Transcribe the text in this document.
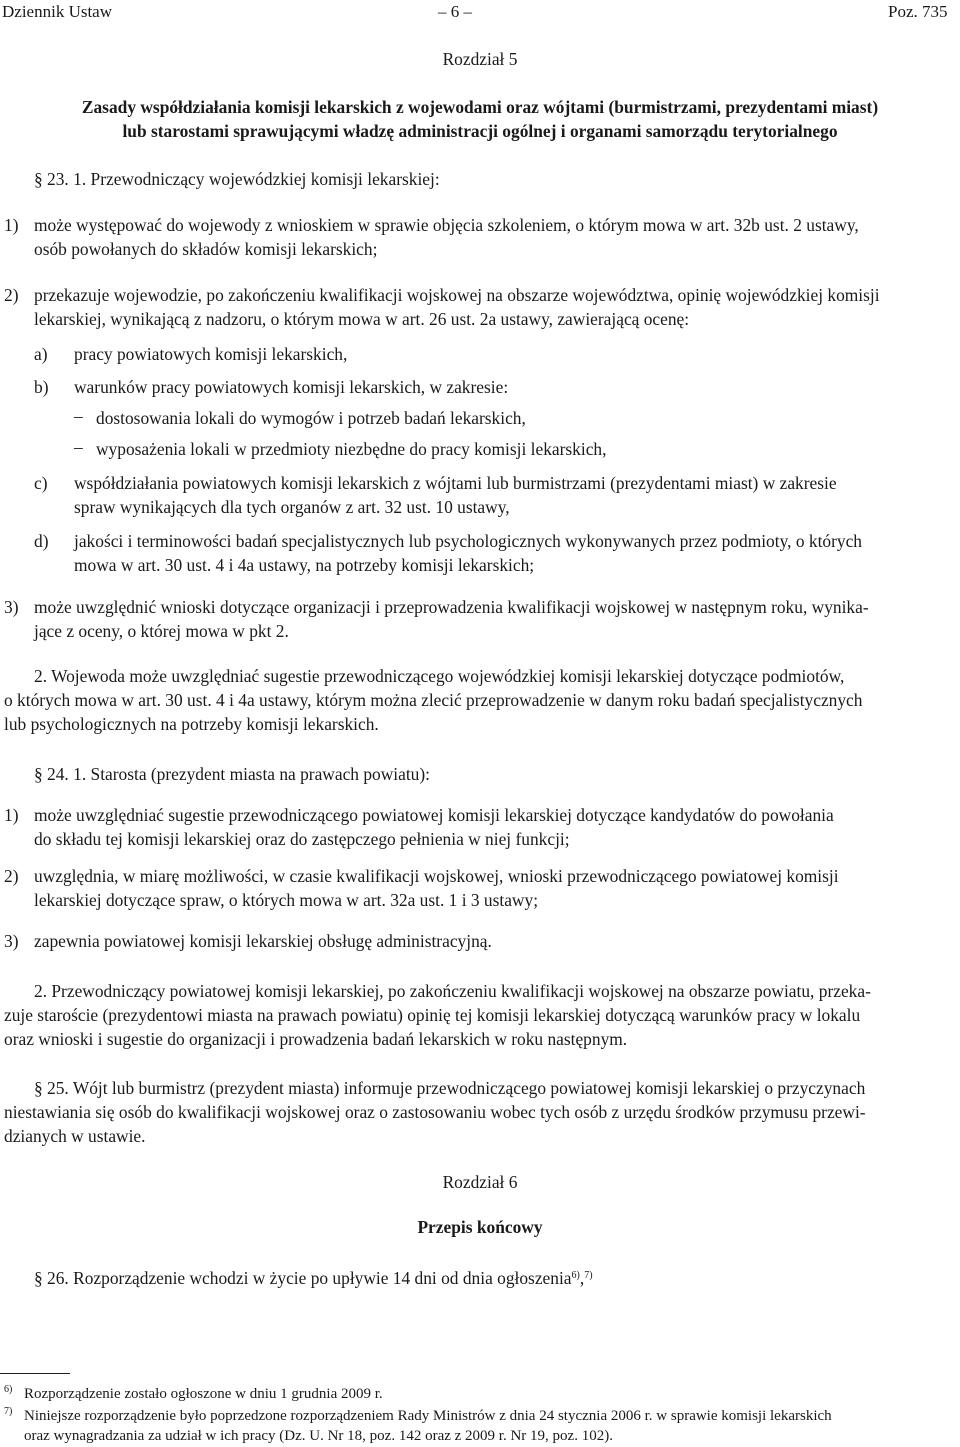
Dziennik Ustaw	– 6 –	Poz. 735
Rozdział 5
Zasady współdziałania komisji lekarskich z wojewodami oraz wójtami (burmistrzami, prezydentami miast)
lub starostami sprawującymi władzę administracji ogólnej i organami samorządu terytorialnego
§ 23. 1. Przewodniczący wojewódzkiej komisji lekarskiej:
1) może występować do wojewody z wnioskiem w sprawie objęcia szkoleniem, o którym mowa w art. 32b ust. 2 ustawy,
osób powołanych do składów komisji lekarskich;
2) przekazuje wojewodzie, po zakończeniu kwalifikacji wojskowej na obszarze województwa, opinię wojewódzkiej komisji
lekarskiej, wynikającą z nadzoru, o którym mowa w art. 26 ust. 2a ustawy, zawierającą ocenę:
a) pracy powiatowych komisji lekarskich,
b) warunków pracy powiatowych komisji lekarskich, w zakresie:
– dostosowania lokali do wymogów i potrzeb badań lekarskich,
– wyposażenia lokali w przedmioty niezbędne do pracy komisji lekarskich,
c) współdziałania powiatowych komisji lekarskich z wójtami lub burmistrzami (prezydentami miast) w zakresie
spraw wynikających dla tych organów z art. 32 ust. 10 ustawy,
d) jakości i terminowości badań specjalistycznych lub psychologicznych wykonywanych przez podmioty, o których
mowa w art. 30 ust. 4 i 4a ustawy, na potrzeby komisji lekarskich;
3) może uwzględnić wnioski dotyczące organizacji i przeprowadzenia kwalifikacji wojskowej w następnym roku, wynika-
jące z oceny, o której mowa w pkt 2.
2. Wojewoda może uwzględniać sugestie przewodniczącego wojewódzkiej komisji lekarskiej dotyczące podmiotów,
o których mowa w art. 30 ust. 4 i 4a ustawy, którym można zlecić przeprowadzenie w danym roku badań specjalistycznych
lub psychologicznych na potrzeby komisji lekarskich.
§ 24. 1. Starosta (prezydent miasta na prawach powiatu):
1) może uwzględniać sugestie przewodniczącego powiatowej komisji lekarskiej dotyczące kandydatów do powołania
do składu tej komisji lekarskiej oraz do zastępczego pełnienia w niej funkcji;
2) uwzględnia, w miarę możliwości, w czasie kwalifikacji wojskowej, wnioski przewodniczącego powiatowej komisji
lekarskiej dotyczące spraw, o których mowa w art. 32a ust. 1 i 3 ustawy;
3) zapewnia powiatowej komisji lekarskiej obsługę administracyjną.
2. Przewodniczący powiatowej komisji lekarskiej, po zakończeniu kwalifikacji wojskowej na obszarze powiatu, przeka-
zuje staroście (prezydentowi miasta na prawach powiatu) opinię tej komisji lekarskiej dotyczącą warunków pracy w lokalu
oraz wnioski i sugestie do organizacji i prowadzenia badań lekarskich w roku następnym.
§ 25. Wójt lub burmistrz (prezydent miasta) informuje przewodniczącego powiatowej komisji lekarskiej o przyczynach
niestawiania się osób do kwalifikacji wojskowej oraz o zastosowaniu wobec tych osób z urzędu środków przymusu przewi-
dzianych w ustawie.
Rozdział 6
Przepis końcowy
§ 26. Rozporządzenie wchodzi w życie po upływie 14 dni od dnia ogłoszenia$^{6)}$,$^{7)}$
$^{6)}$ Rozporządzenie zostało ogłoszone w dniu 1 grudnia 2009 r.
$^{7)}$ Niniejsze rozporządzenie było poprzedzone rozporządzeniem Rady Ministrów z dnia 24 stycznia 2006 r. w sprawie komisji lekarskich
oraz wynagradzania za udział w ich pracy (Dz. U. Nr 18, poz. 142 oraz z 2009 r. Nr 19, poz. 102).
